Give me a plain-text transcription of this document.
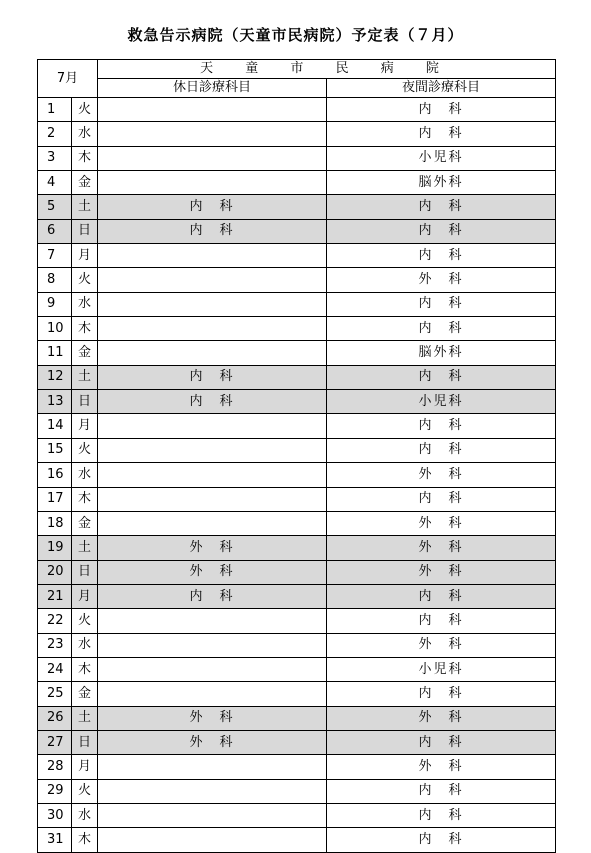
救急告示病院（天童市民病院）予定表（７月）
7月		天 童 市 民 病 院	
		休日診療科目	夜間診療科目
1	火		内　科
2	水		内　科
3	木		小児科
4	金		脳外科
5	土	内　科	内　科
6	日	内　科	内　科
7	月		内　科
8	火		外　科
9	水		内　科
10	木		内　科
11	金		脳外科
12	土	内　科	内　科
13	日	内　科	小児科
14	月		内　科
15	火		内　科
16	水		外　科
17	木		内　科
18	金		外　科
19	土	外　科	外　科
20	日	外　科	外　科
21	月	内　科	内　科
22	火		内　科
23	水		外　科
24	木		小児科
25	金		内　科
26	土	外　科	外　科
27	日	外　科	内　科
28	月		外　科
29	火		内　科
30	水		内　科
31	木		内　科
